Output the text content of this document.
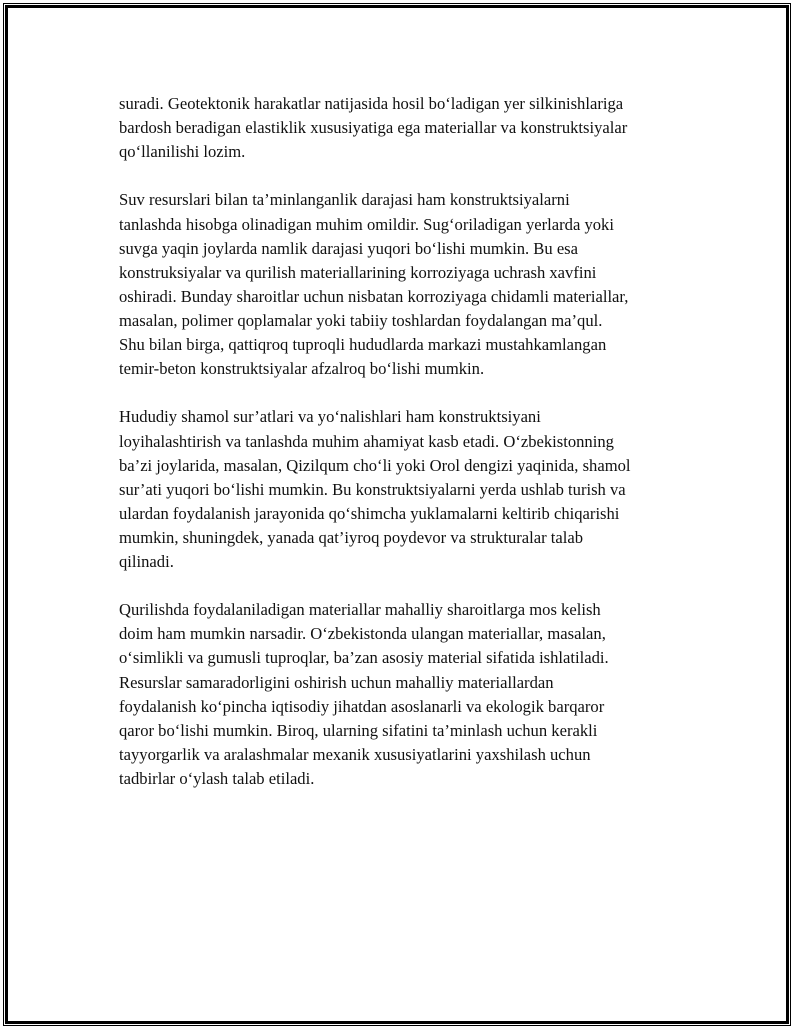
suradi. Geotektonik harakatlar natijasida hosil bo‘ladigan yer silkinishlariga
bardosh beradigan elastiklik xususiyatiga ega materiallar va konstruktsiyalar
qo‘llanilishi lozim.

Suv resurslari bilan ta’minlanganlik darajasi ham konstruktsiyalarni
tanlashda hisobga olinadigan muhim omildir. Sug‘oriladigan yerlarda yoki
suvga yaqin joylarda namlik darajasi yuqori bo‘lishi mumkin. Bu esa
konstruksiyalar va qurilish materiallarining korroziyaga uchrash xavfini
oshiradi. Bunday sharoitlar uchun nisbatan korroziyaga chidamli materiallar,
masalan, polimer qoplamalar yoki tabiiy toshlardan foydalangan ma’qul.
Shu bilan birga, qattiqroq tuproqli hududlarda markazi mustahkamlangan
temir-beton konstruktsiyalar afzalroq bo‘lishi mumkin.

Hududiy shamol sur’atlari va yo‘nalishlari ham konstruktsiyani
loyihalashtirish va tanlashda muhim ahamiyat kasb etadi. O‘zbekistonning
ba’zi joylarida, masalan, Qizilqum cho‘li yoki Orol dengizi yaqinida, shamol
sur’ati yuqori bo‘lishi mumkin. Bu konstruktsiyalarni yerda ushlab turish va
ulardan foydalanish jarayonida qo‘shimcha yuklamalarni keltirib chiqarishi
mumkin, shuningdek, yanada qat’iyroq poydevor va strukturalar talab
qilinadi.

Qurilishda foydalaniladigan materiallar mahalliy sharoitlarga mos kelish
doim ham mumkin narsadir. O‘zbekistonda ulangan materiallar, masalan,
o‘simlikli va gumusli tuproqlar, ba’zan asosiy material sifatida ishlatiladi.
Resurslar samaradorligini oshirish uchun mahalliy materiallardan
foydalanish ko‘pincha iqtisodiy jihatdan asoslanarli va ekologik barqaror
qaror bo‘lishi mumkin. Biroq, ularning sifatini ta’minlash uchun kerakli
tayyorgarlik va aralashmalar mexanik xususiyatlarini yaxshilash uchun
tadbirlar o‘ylash talab etiladi.
